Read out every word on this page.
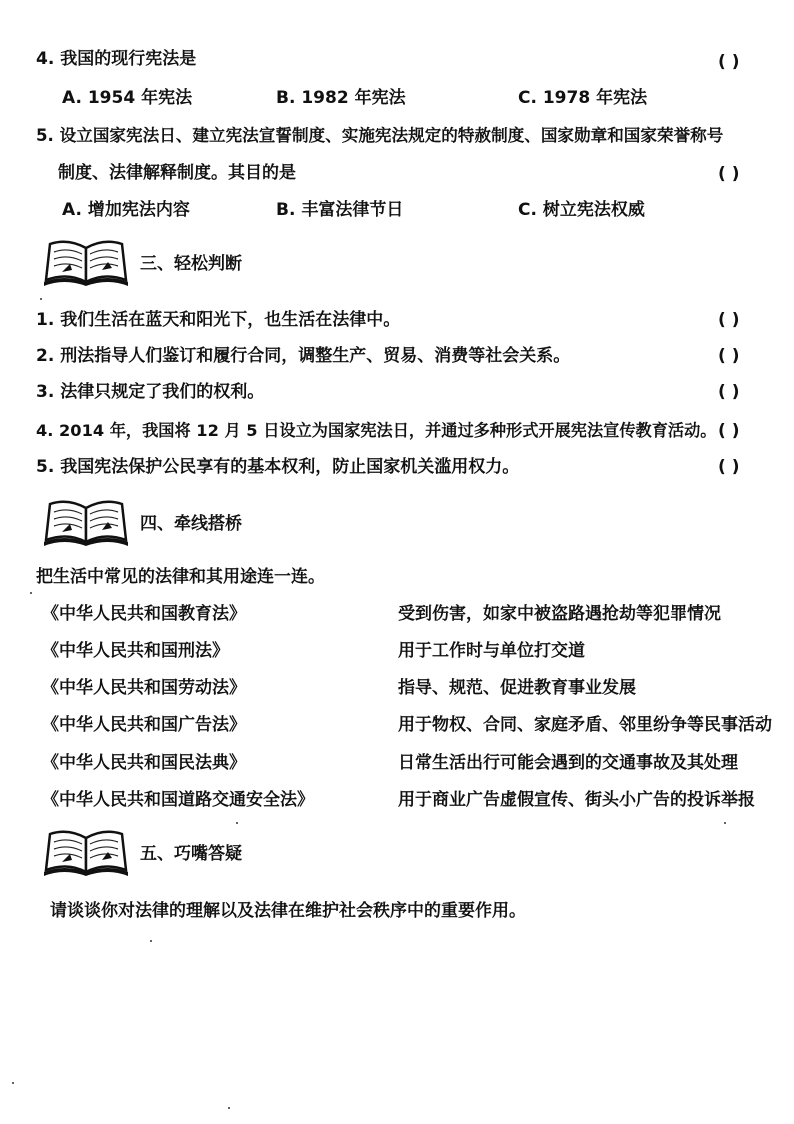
4. 我国的现行宪法是	( )
A. 1954 年宪法	B. 1982 年宪法	C. 1978 年宪法
5. 设立国家宪法日、建立宪法宣誓制度、实施宪法规定的特赦制度、国家勋章和国家荣誉称号
制度、法律解释制度。其目的是	( )
A. 增加宪法内容	B. 丰富法律节日	C. 树立宪法权威
三、轻松判断
1. 我们生活在蓝天和阳光下，也生活在法律中。	( )
2. 刑法指导人们鉴订和履行合同，调整生产、贸易、消费等社会关系。	( )
3. 法律只规定了我们的权利。	( )
4. 2014 年，我国将 12 月 5 日设立为国家宪法日，并通过多种形式开展宪法宣传教育活动。 ( )
5. 我国宪法保护公民享有的基本权利，防止国家机关滥用权力。	( )
四、牵线搭桥
把生活中常见的法律和其用途连一连。
《中华人民共和国教育法》	受到伤害，如家中被盗路遇抢劫等犯罪情况
《中华人民共和国刑法》	用于工作时与单位打交道
《中华人民共和国劳动法》	指导、规范、促进教育事业发展
《中华人民共和国广告法》	用于物权、合同、家庭矛盾、邻里纷争等民事活动
《中华人民共和国民法典》	日常生活出行可能会遇到的交通事故及其处理
《中华人民共和国道路交通安全法》	用于商业广告虚假宣传、街头小广告的投诉举报
五、巧嘴答疑
请谈谈你对法律的理解以及法律在维护社会秩序中的重要作用。
